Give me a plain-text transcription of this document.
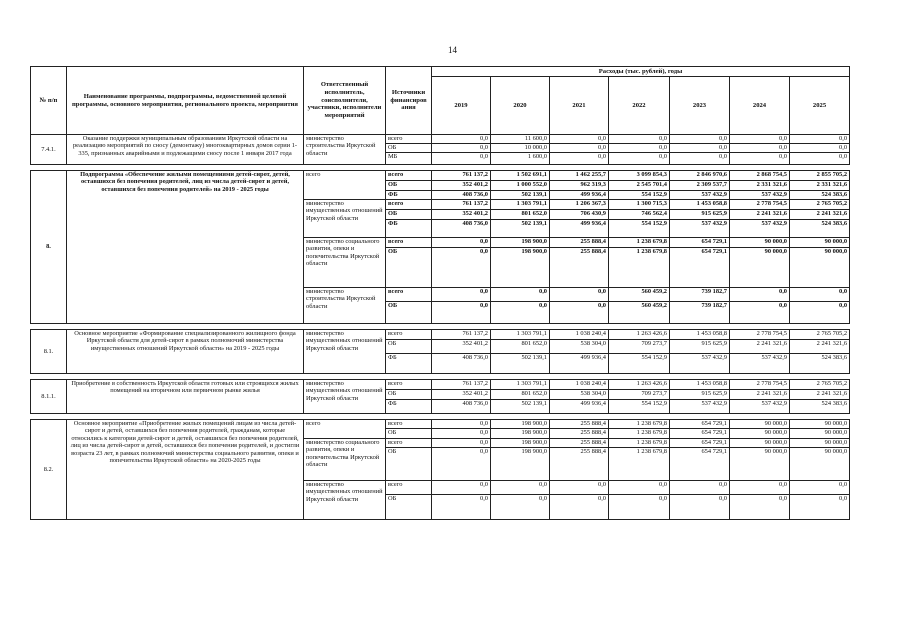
14
№ п/п	Наименование программы, подпрограммы, ведомственной целевой программы, основного мероприятия, регионального проекта, мероприятия	Ответственный исполнитель, соисполнители, участники, исполнители мероприятий	Источники финансиров ания	Расходы (тыс. рублей), годы						
				2019	2020	2021	2022	2023	2024	2025
7.4.1.	Оказание поддержки муниципальным образованиям Иркутской области на реализацию мероприятий по сносу (демонтажу) многоквартирных домов серии 1-335, признанных аварийными и подлежащими сносу после 1 января 2017 года	министерство строительства Иркутской области	всего	0,0	11 600,0	0,0	0,0	0,0	0,0	0,0
			ОБ	0,0	10 000,0	0,0	0,0	0,0	0,0	0,0
			МБ	0,0	1 600,0	0,0	0,0	0,0	0,0	0,0

8.	Подпрограмма «Обеспечение жилыми помещениями детей-сирот, детей, оставшихся без попечения родителей, лиц из числа детей-сирот и детей, оставшихся без попечения родителей» на 2019 - 2025 годы	всего	всего	761 137,2	1 502 691,1	1 462 255,7	3 099 854,3	2 846 970,6	2 868 754,5	2 855 705,2
			ОБ	352 401,2	1 000 552,0	962 319,3	2 545 701,4	2 309 537,7	2 331 321,6	2 331 321,6
			ФБ	408 736,0	502 139,1	499 936,4	554 152,9	537 432,9	537 432,9	524 383,6
		министерство имущественных отношений Иркутской области	всего	761 137,2	1 303 791,1	1 206 367,3	1 300 715,3	1 453 058,8	2 778 754,5	2 765 705,2
			ОБ	352 401,2	801 652,0	706 430,9	746 562,4	915 625,9	2 241 321,6	2 241 321,6
			ФБ	408 736,0	502 139,1	499 936,4	554 152,9	537 432,9	537 432,9	524 383,6
		министерство социального развития, опеки и попечительства Иркутской области	всего	0,0	198 900,0	255 888,4	1 238 679,8	654 729,1	90 000,0	90 000,0
			ОБ	0,0	198 900,0	255 888,4	1 238 679,8	654 729,1	90 000,0	90 000,0
		министерство строительства Иркутской области	всего	0,0	0,0	0,0	560 459,2	739 182,7	0,0	0,0
			ОБ	0,0	0,0	0,0	560 459,2	739 182,7	0,0	0,0

8.1.	Основное мероприятие «Формирование специализированного жилищного фонда Иркутской области для детей-сирот в рамках полномочий министерства имущественных отношений Иркутской области» на 2019 - 2025 годы	министерство имущественных отношений Иркутской области	всего	761 137,2	1 303 791,1	1 038 240,4	1 263 426,6	1 453 058,8	2 778 754,5	2 765 705,2
			ОБ	352 401,2	801 652,0	538 304,0	709 273,7	915 625,9	2 241 321,6	2 241 321,6
			ФБ	408 736,0	502 139,1	499 936,4	554 152,9	537 432,9	537 432,9	524 383,6

8.1.1.	Приобретение в собственность Иркутской области готовых или строящихся жилых помещений на вторичном или первичном рынке жилья	министерство имущественных отношений Иркутской области	всего	761 137,2	1 303 791,1	1 038 240,4	1 263 426,6	1 453 058,8	2 778 754,5	2 765 705,2
			ОБ	352 401,2	801 652,0	538 304,0	709 273,7	915 625,9	2 241 321,6	2 241 321,6
			ФБ	408 736,0	502 139,1	499 936,4	554 152,9	537 432,9	537 432,9	524 383,6

8.2.	Основное мероприятие «Приобретение жилых помещений лицам из числа детей-сирот и детей, оставшихся без попечения родителей, гражданам, которые относились к категории детей-сирот и детей, оставшихся без попечения родителей, лиц из числа детей-сирот и детей, оставшихся без попечения родителей, и достигли возраста 23 лет, в рамках полномочий министерства социального развития, опеки и попечительства Иркутской области» на 2020-2025 годы	всего	всего	0,0	198 900,0	255 888,4	1 238 679,8	654 729,1	90 000,0	90 000,0
			ОБ	0,0	198 900,0	255 888,4	1 238 679,8	654 729,1	90 000,0	90 000,0
		министерство социального развития, опеки и попечительства Иркутской области	всего	0,0	198 900,0	255 888,4	1 238 679,8	654 729,1	90 000,0	90 000,0
			ОБ	0,0	198 900,0	255 888,4	1 238 679,8	654 729,1	90 000,0	90 000,0
		министерство имущественных отношений Иркутской области	всего	0,0	0,0	0,0	0,0	0,0	0,0	0,0
			ОБ	0,0	0,0	0,0	0,0	0,0	0,0	0,0
